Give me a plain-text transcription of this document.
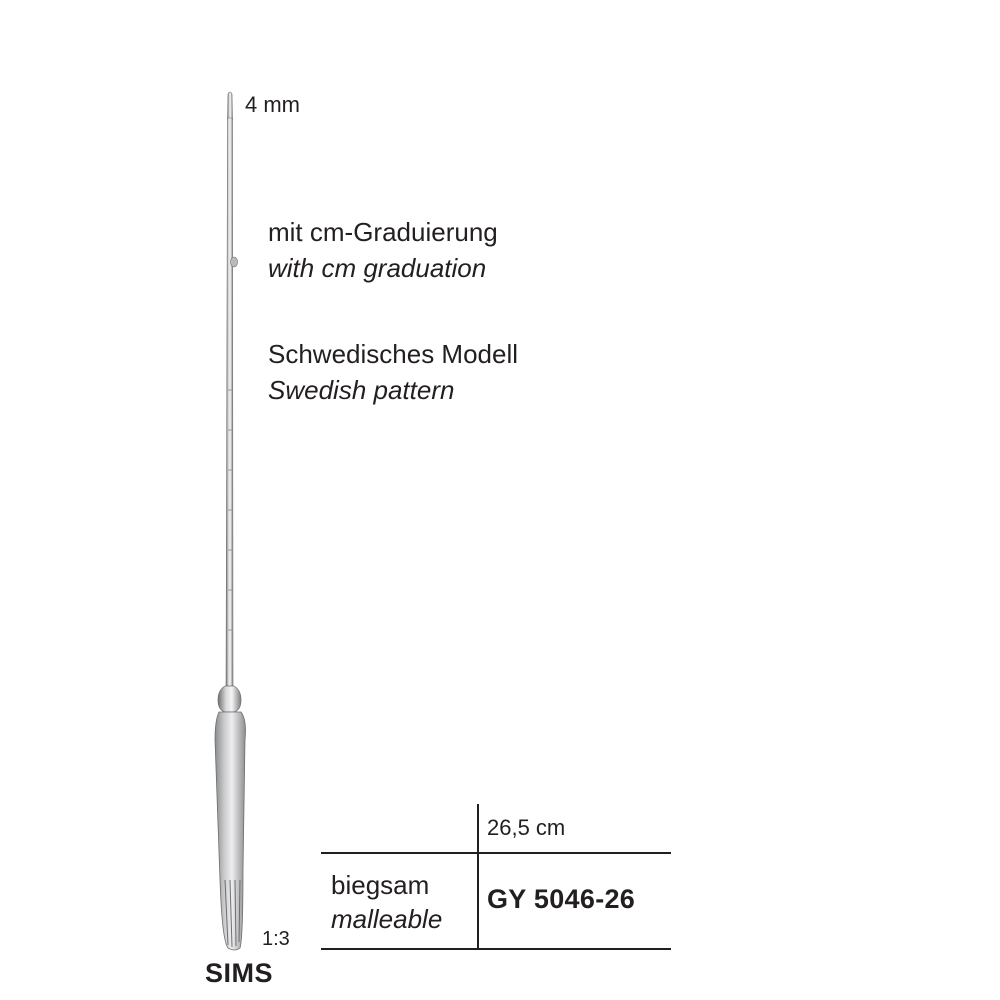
4 mm
mit cm-Graduierung
with cm graduation
Schwedisches Modell
Swedish pattern
1:3
SIMS
26,5 cm
biegsam
malleable
GY 5046-26
